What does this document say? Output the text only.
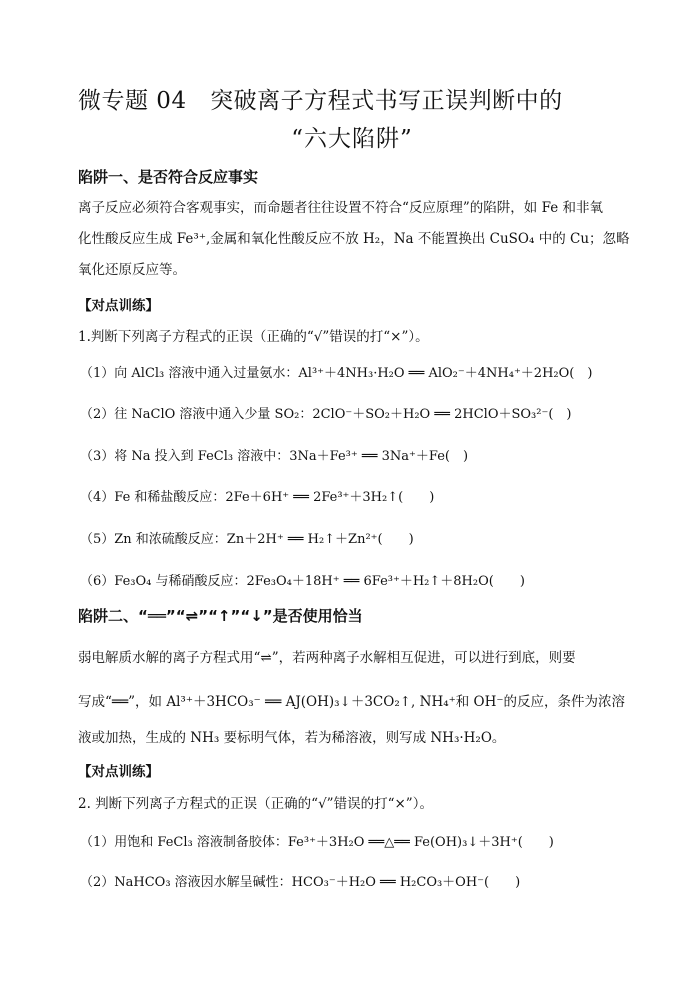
微专题 04　突破离子方程式书写正误判断中的
“六大陷阱”
陷阱一、是否符合反应事实
离子反应必须符合客观事实，而命题者往往设置不符合“反应原理”的陷阱，如 Fe 和非氧
化性酸反应生成 Fe³⁺,金属和氧化性酸反应不放 H₂，Na 不能置换出 CuSO₄ 中的 Cu；忽略
氧化还原反应等。
【对点训练】
1.判断下列离子方程式的正误（正确的“√”错误的打“×”）。
（1）向 AlCl₃ 溶液中通入过量氨水：Al³⁺＋4NH₃·H₂O ══ AlO₂⁻＋4NH₄⁺＋2H₂O(　)
（2）往 NaClO 溶液中通入少量 SO₂：2ClO⁻＋SO₂＋H₂O ══ 2HClO＋SO₃²⁻(　)
（3）将 Na 投入到 FeCl₃ 溶液中：3Na＋Fe³⁺ ══ 3Na⁺＋Fe(　)
（4）Fe 和稀盐酸反应：2Fe＋6H⁺ ══ 2Fe³⁺＋3H₂↑(　　)
（5）Zn 和浓硫酸反应：Zn＋2H⁺ ══ H₂↑＋Zn²⁺(　　)
（6）Fe₃O₄ 与稀硝酸反应：2Fe₃O₄＋18H⁺ ══ 6Fe³⁺＋H₂↑＋8H₂O(　　)
陷阱二、“══”“⇌”“↑”“↓”是否使用恰当
弱电解质水解的离子方程式用“⇌”，若两种离子水解相互促进，可以进行到底，则要
写成“══”，如 Al³⁺＋3HCO₃⁻ ══ AJ(OH)₃↓＋3CO₂↑, NH₄⁺和 OH⁻的反应，条件为浓溶
液或加热，生成的 NH₃ 要标明气体，若为稀溶液，则写成 NH₃·H₂O。
【对点训练】
2. 判断下列离子方程式的正误（正确的“√”错误的打“×”）。
（1）用饱和 FeCl₃ 溶液制备胶体：Fe³⁺＋3H₂O ══△══ Fe(OH)₃↓＋3H⁺(　　)
（2）NaHCO₃ 溶液因水解呈碱性：HCO₃⁻＋H₂O ══ H₂CO₃＋OH⁻(　　)
